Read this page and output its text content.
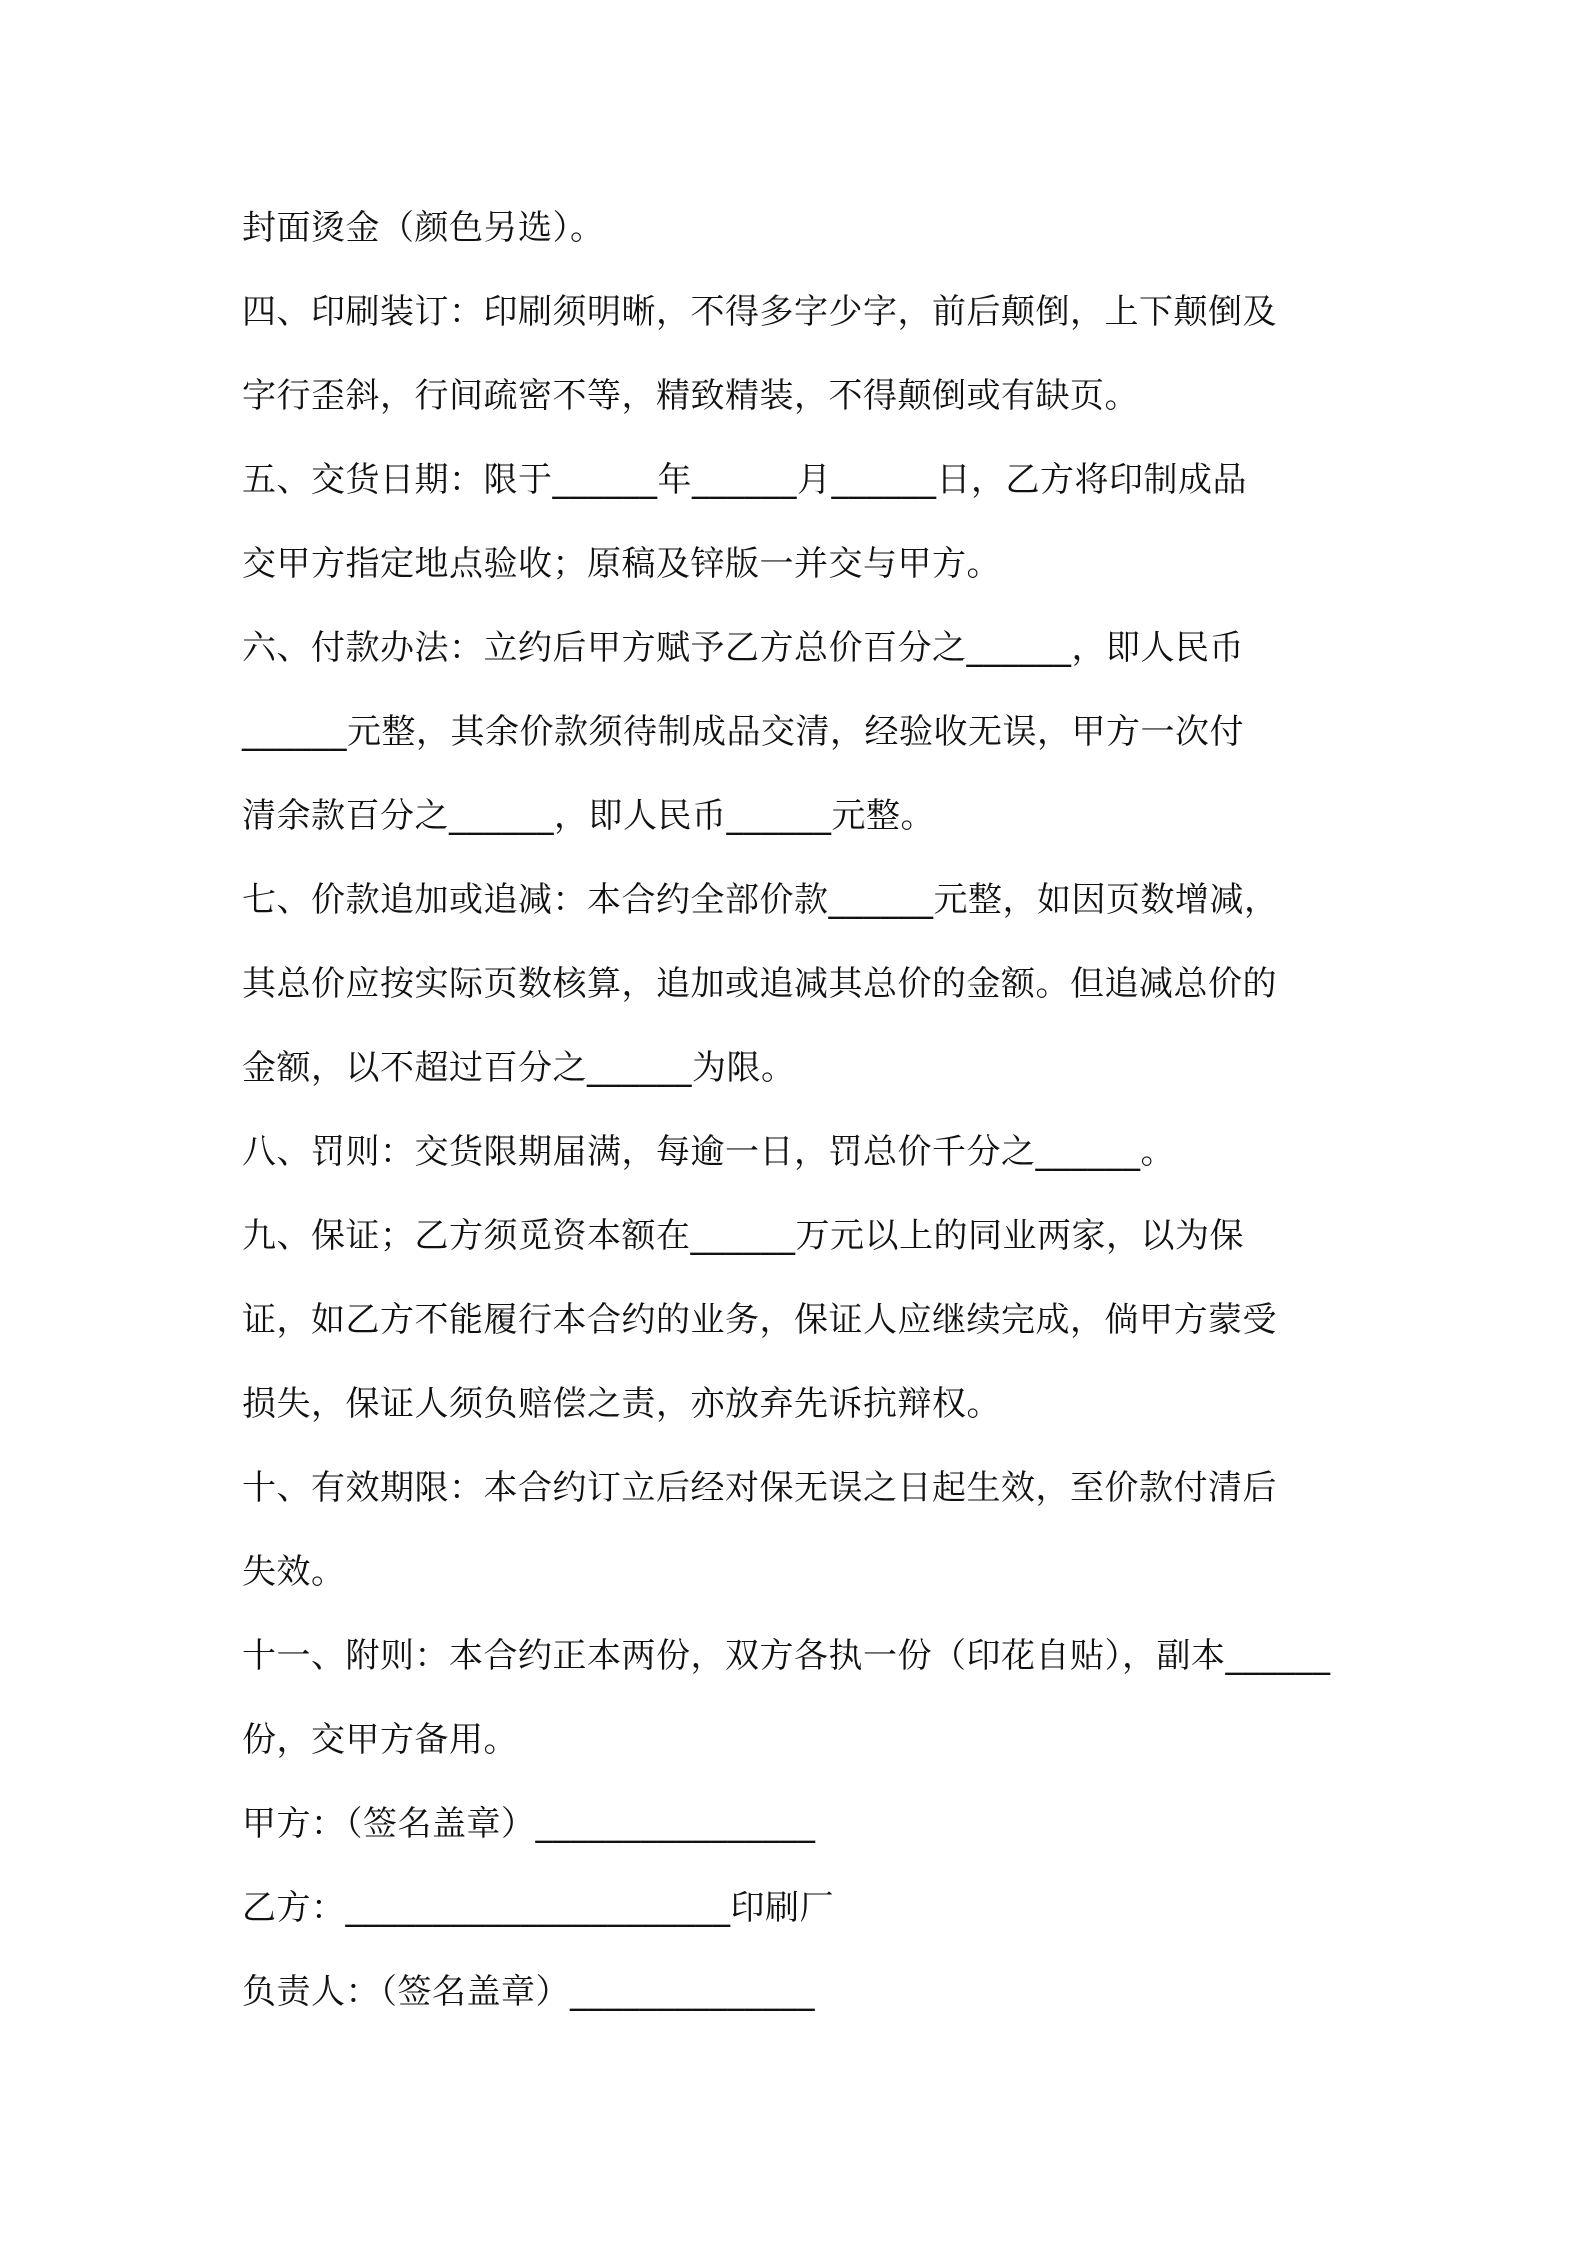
封面烫金（颜色另选）。
四、印刷装订：印刷须明晰，不得多字少字，前后颠倒，上下颠倒及
字行歪斜，行间疏密不等，精致精装，不得颠倒或有缺页。
五、交货日期：限于______年______月______日，乙方将印制成品
交甲方指定地点验收；原稿及锌版一并交与甲方。
六、付款办法：立约后甲方赋予乙方总价百分之______，即人民币
______元整，其余价款须待制成品交清，经验收无误，甲方一次付
清余款百分之______，即人民币______元整。
七、价款追加或追减：本合约全部价款______元整，如因页数增减，
其总价应按实际页数核算，追加或追减其总价的金额。但追减总价的
金额，以不超过百分之______为限。
八、罚则：交货限期届满，每逾一日，罚总价千分之______。
九、保证；乙方须觅资本额在______万元以上的同业两家，以为保
证，如乙方不能履行本合约的业务，保证人应继续完成，倘甲方蒙受
损失，保证人须负赔偿之责，亦放弃先诉抗辩权。
十、有效期限：本合约订立后经对保无误之日起生效，至价款付清后
失效。
十一、附则：本合约正本两份，双方各执一份（印花自贴），副本______
份，交甲方备用。
甲方：（签名盖章）________________
乙方：______________________印刷厂
负责人：（签名盖章）______________
